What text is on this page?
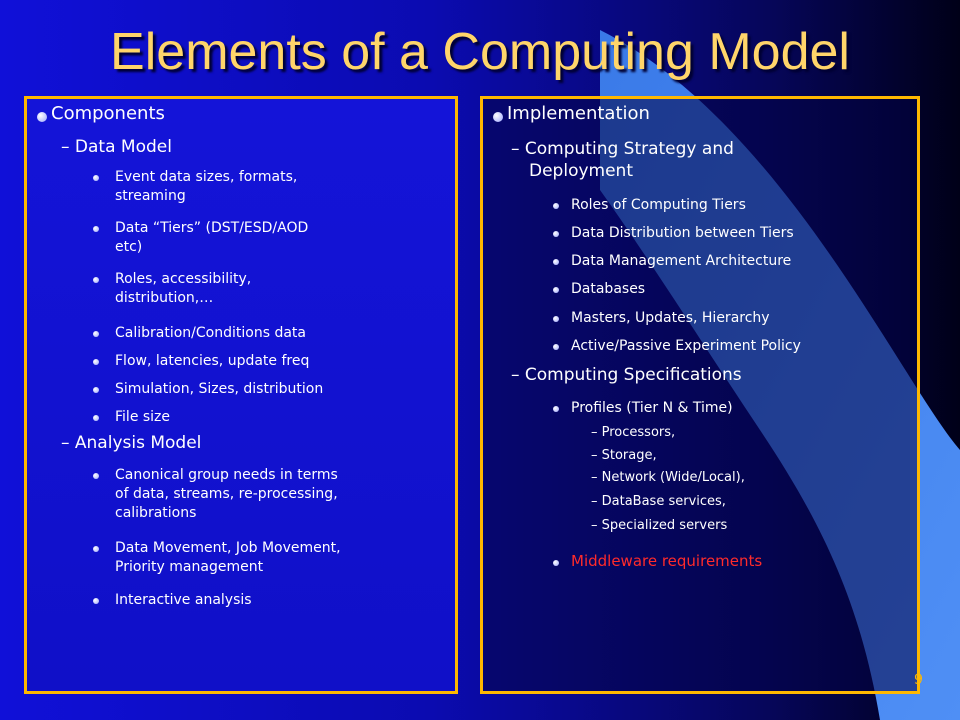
Elements of a Computing Model
Components
– Data Model
Event data sizes, formats,
streaming
Data “Tiers” (DST/ESD/AOD
etc)
Roles, accessibility,
distribution,…
Calibration/Conditions data
Flow, latencies, update freq
Simulation, Sizes, distribution
File size
– Analysis Model
Canonical group needs in terms
of data, streams, re-processing,
calibrations
Data Movement, Job Movement,
Priority management
Interactive analysis
Implementation
– Computing Strategy and
Deployment
Roles of Computing Tiers
Data Distribution between Tiers
Data Management Architecture
Databases
Masters, Updates, Hierarchy
Active/Passive Experiment Policy
– Computing Specifications
Profiles (Tier N & Time)
– Processors,
– Storage,
– Network (Wide/Local),
– DataBase services,
– Specialized servers
Middleware requirements
9
